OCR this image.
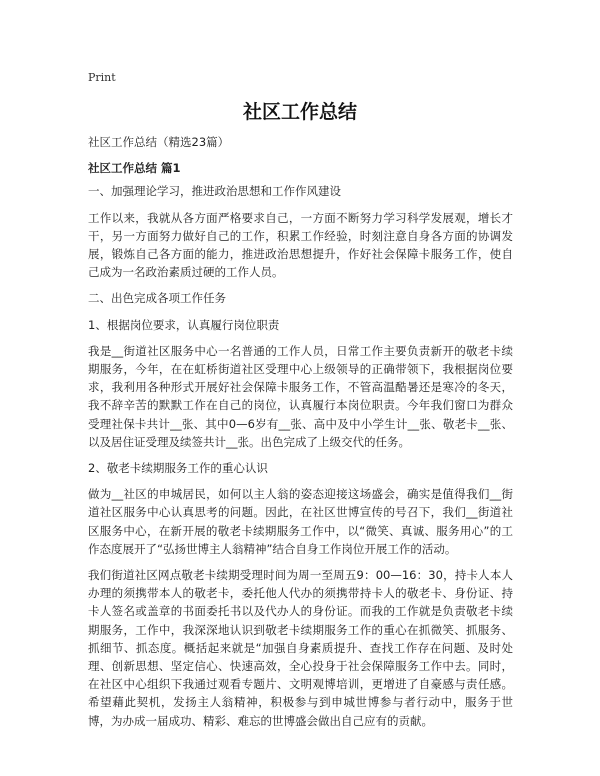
Print
社区工作总结

社区工作总结（精选23篇）

社区工作总结 篇1

一、加强理论学习，推进政治思想和工作作风建设

工作以来，我就从各方面严格要求自己，一方面不断努力学习科学发展观，增长才干，另一方面努力做好自己的工作，积累工作经验，时刻注意自身各方面的协调发展，锻炼自己各方面的能力，推进政治思想提升，作好社会保障卡服务工作，使自己成为一名政治素质过硬的工作人员。

二、出色完成各项工作任务

1、根据岗位要求，认真履行岗位职责

我是__街道社区服务中心一名普通的工作人员，日常工作主要负责新开的敬老卡续期服务，今年，在在虹桥街道社区受理中心上级领导的正确带领下，我根据岗位要求，我利用各种形式开展好社会保障卡服务工作，不管高温酷暑还是寒冷的冬天，我不辞辛苦的默默工作在自己的岗位，认真履行本岗位职责。今年我们窗口为群众受理社保卡共计__张、其中0—6岁有__张、高中及中小学生计__张、敬老卡__张、以及居住证受理及续签共计__张。出色完成了上级交代的任务。

2、敬老卡续期服务工作的重心认识

做为__社区的申城居民，如何以主人翁的姿态迎接这场盛会，确实是值得我们__街道社区服务中心认真思考的问题。因此，在社区世博宣传的号召下，我们__街道社区服务中心，在新开展的敬老卡续期服务工作中，以“微笑、真诚、服务用心”的工作态度展开了“弘扬世博主人翁精神”结合自身工作岗位开展工作的活动。

我们街道社区网点敬老卡续期受理时间为周一至周五9：00—16：30，持卡人本人办理的须携带本人的敬老卡，委托他人代办的须携带持卡人的敬老卡、身份证、持卡人签名或盖章的书面委托书以及代办人的身份证。而我的工作就是负责敬老卡续期服务，工作中，我深深地认识到敬老卡续期服务工作的重心在抓微笑、抓服务、抓细节、抓态度。概括起来就是“加强自身素质提升、查找工作存在问题、及时处理、创新思想、坚定信心、快速高效，全心投身于社会保障服务工作中去。同时，在社区中心组织下我通过观看专题片、文明观博培训，更增进了自豪感与责任感。希望藉此契机，发扬主人翁精神，积极参与到申城世博参与者行动中，服务于世博，为办成一届成功、精彩、难忘的世博盛会做出自己应有的贡献。
